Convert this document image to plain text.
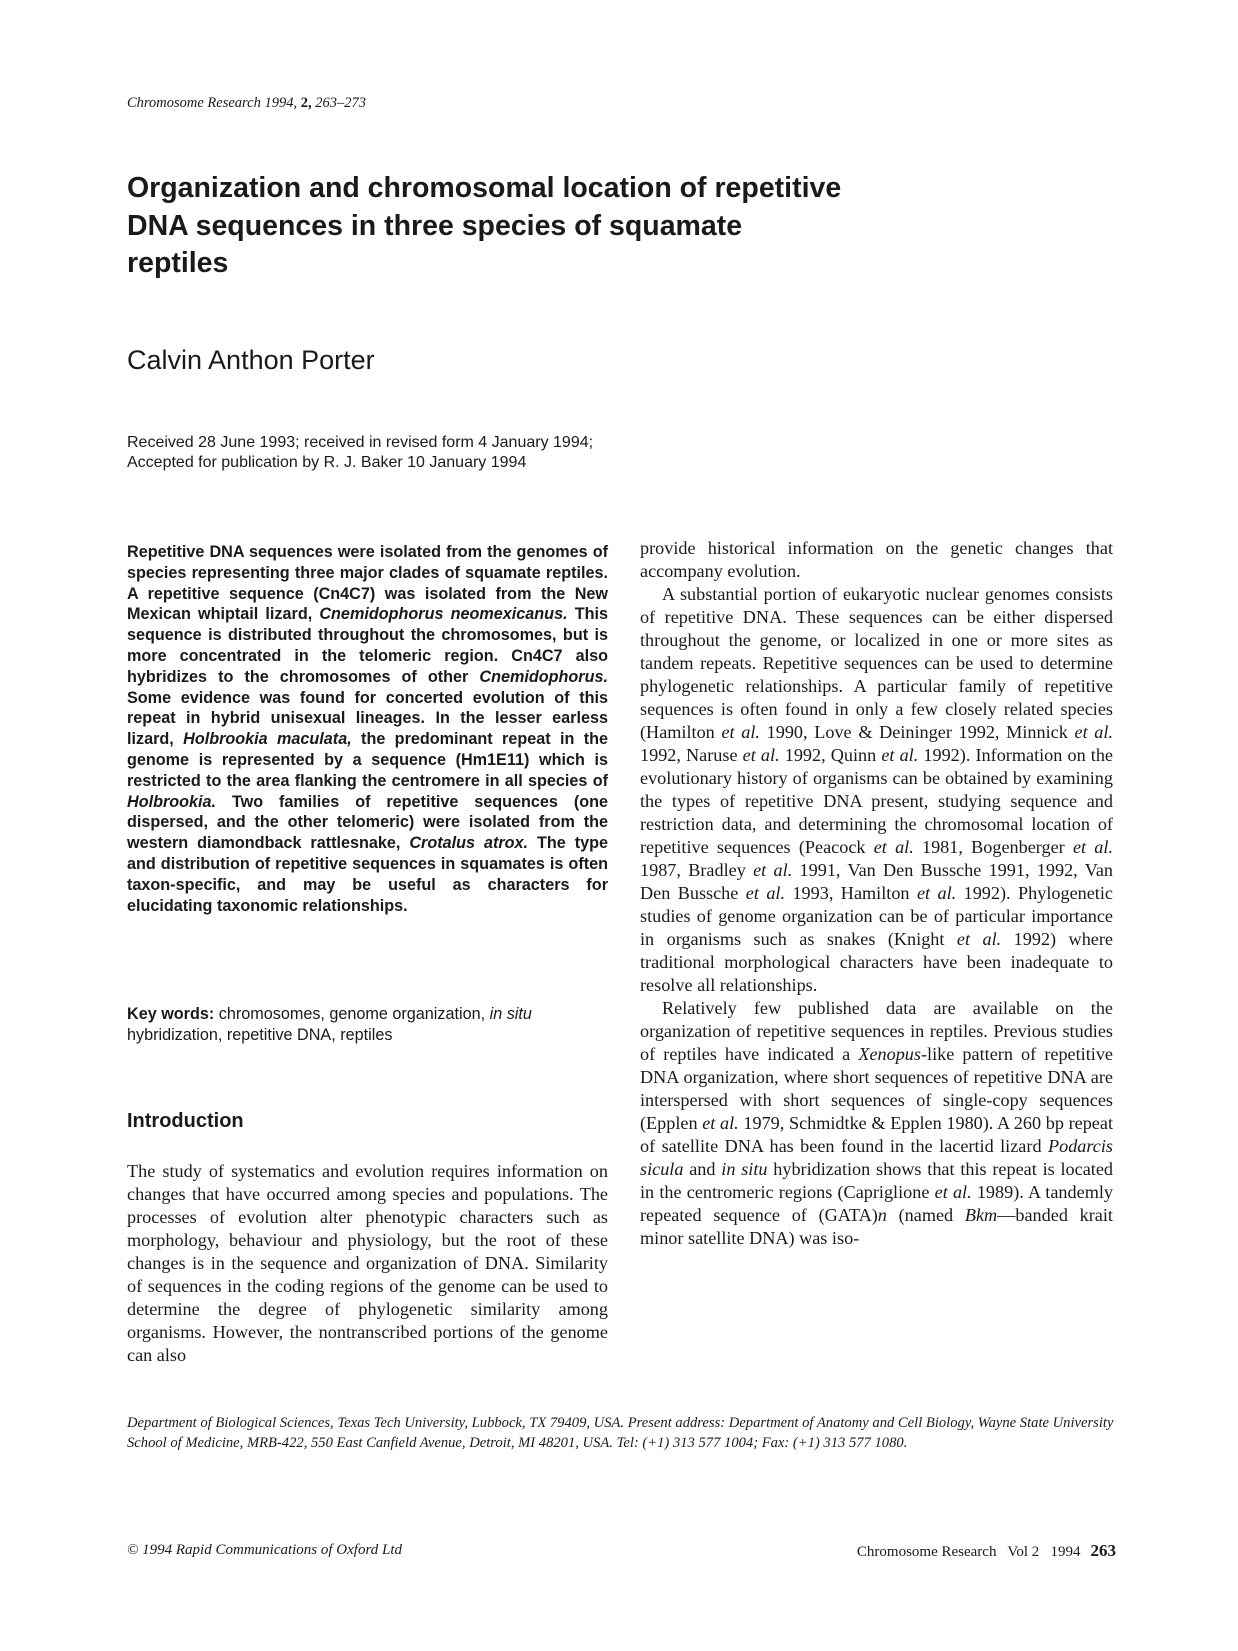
Chromosome Research 1994, 2, 263–273
Organization and chromosomal location of repetitive DNA sequences in three species of squamate reptiles
Calvin Anthon Porter
Received 28 June 1993; received in revised form 4 January 1994;
Accepted for publication by R. J. Baker 10 January 1994

Repetitive DNA sequences were isolated from the genomes of species representing three major clades of squamate reptiles. A repetitive sequence (Cn4C7) was isolated from the New Mexican whiptail lizard, Cnemidophorus neomexicanus. This sequence is distributed throughout the chromosomes, but is more concentrated in the telomeric region. Cn4C7 also hybridizes to the chromosomes of other Cnemidophorus. Some evidence was found for concerted evolution of this repeat in hybrid unisexual lineages. In the lesser earless lizard, Holbrookia maculata, the predominant repeat in the genome is represented by a sequence (Hm1E11) which is restricted to the area flanking the centromere in all species of Holbrookia. Two families of repetitive sequences (one dispersed, and the other telomeric) were isolated from the western diamondback rattlesnake, Crotalus atrox. The type and distribution of repetitive sequences in squamates is often taxon-specific, and may be useful as characters for elucidating taxonomic relationships.

Key words: chromosomes, genome organization, in situ hybridization, repetitive DNA, reptiles

Introduction

The study of systematics and evolution requires information on changes that have occurred among species and populations. The processes of evolution alter phenotypic characters such as morphology, behaviour and physiology, but the root of these changes is in the sequence and organization of DNA. Similarity of sequences in the coding regions of the genome can be used to determine the degree of phylogenetic similarity among organisms. However, the nontranscribed portions of the genome can also

provide historical information on the genetic changes that accompany evolution.

A substantial portion of eukaryotic nuclear genomes consists of repetitive DNA. These sequences can be either dispersed throughout the genome, or localized in one or more sites as tandem repeats. Repetitive sequences can be used to determine phylogenetic relationships. A particular family of repetitive sequences is often found in only a few closely related species (Hamilton et al. 1990, Love & Deininger 1992, Minnick et al. 1992, Naruse et al. 1992, Quinn et al. 1992). Information on the evolutionary history of organisms can be obtained by examining the types of repetitive DNA present, studying sequence and restriction data, and determining the chromosomal location of repetitive sequences (Peacock et al. 1981, Bogenberger et al. 1987, Bradley et al. 1991, Van Den Bussche 1991, 1992, Van Den Bussche et al. 1993, Hamilton et al. 1992). Phylogenetic studies of genome organization can be of particular importance in organisms such as snakes (Knight et al. 1992) where traditional morphological characters have been inadequate to resolve all relationships.

Relatively few published data are available on the organization of repetitive sequences in reptiles. Previous studies of reptiles have indicated a Xenopus-like pattern of repetitive DNA organization, where short sequences of repetitive DNA are interspersed with short sequences of single-copy sequences (Epplen et al. 1979, Schmidtke & Epplen 1980). A 260 bp repeat of satellite DNA has been found in the lacertid lizard Podarcis sicula and in situ hybridization shows that this repeat is located in the centromeric regions (Capriglione et al. 1989). A tandemly repeated sequence of (GATA)n (named Bkm—banded krait minor satellite DNA) was iso-

Department of Biological Sciences, Texas Tech University, Lubbock, TX 79409, USA. Present address: Department of Anatomy and Cell Biology, Wayne State University School of Medicine, MRB-422, 550 East Canfield Avenue, Detroit, MI 48201, USA. Tel: (+1) 313 577 1004; Fax: (+1) 313 577 1080.

© 1994 Rapid Communications of Oxford Ltd	Chromosome Research   Vol 2   1994 263
